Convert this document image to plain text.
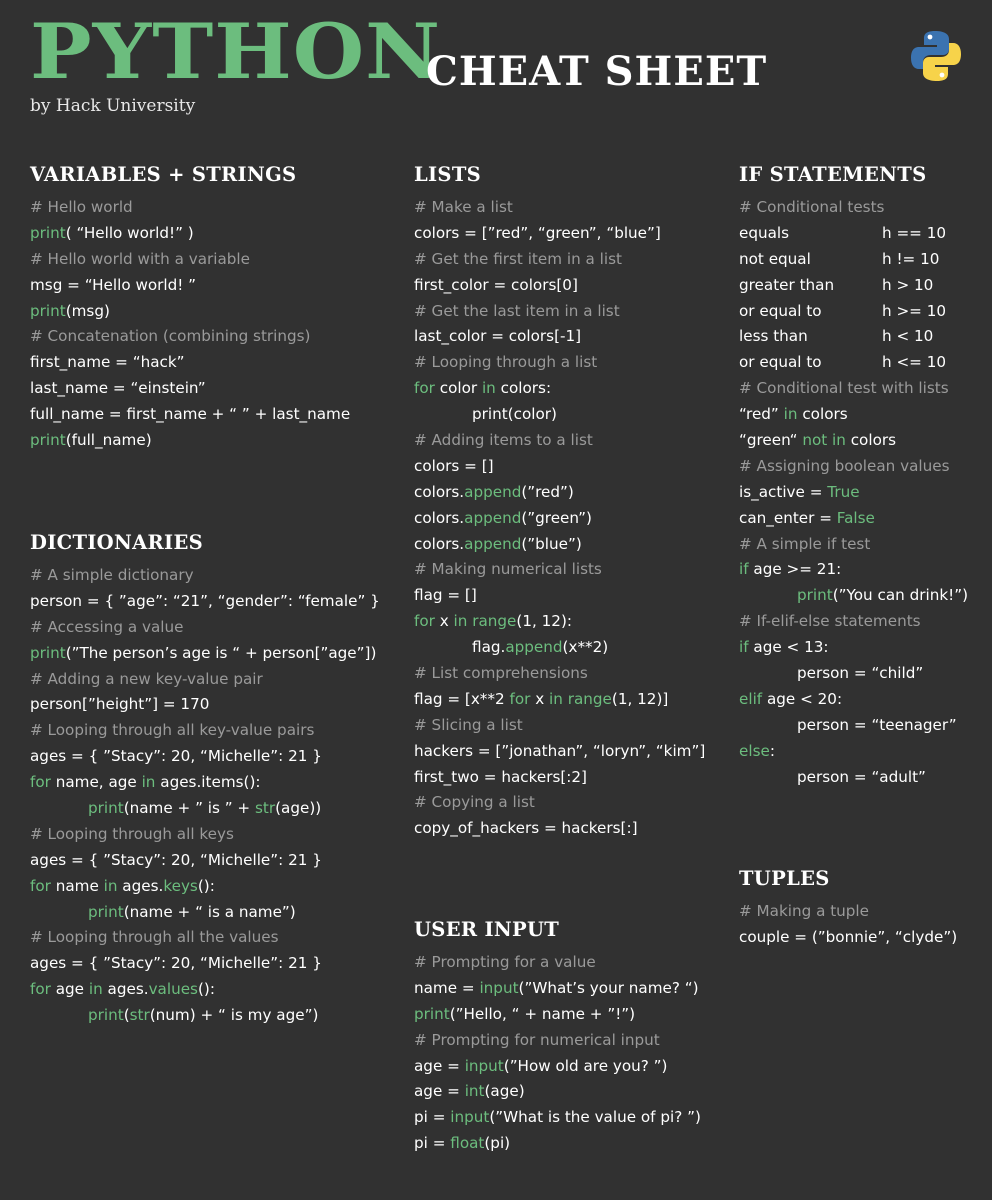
PYTHON
CHEAT SHEET
by Hack University
VARIABLES + STRINGS
# Hello world
print( “Hello world!” )
# Hello world with a variable
msg = “Hello world! ”
print(msg)
# Concatenation (combining strings)
first_name = “hack”
last_name = “einstein”
full_name = first_name + “ ” + last_name
print(full_name)
DICTIONARIES
# A simple dictionary
person = { ”age”: “21”, “gender”: “female” }
# Accessing a value
print(”The person’s age is “ + person[”age”])
# Adding a new key-value pair
person[”height”] = 170
# Looping through all key-value pairs
ages = { ”Stacy”: 20, “Michelle”: 21 }
for name, age in ages.items():
print(name + ” is ” + str(age))
# Looping through all keys
ages = { ”Stacy”: 20, “Michelle”: 21 }
for name in ages.keys():
print(name + “ is a name”)
# Looping through all the values
ages = { ”Stacy”: 20, “Michelle”: 21 }
for age in ages.values():
print(str(num) + “ is my age”)
LISTS
# Make a list
colors = [”red”, “green”, “blue”]
# Get the first item in a list
first_color = colors[0]
# Get the last item in a list
last_color = colors[-1]
# Looping through a list
for color in colors:
print(color)
# Adding items to a list
colors = []
colors.append(”red”)
colors.append(”green”)
colors.append(”blue”)
# Making numerical lists
flag = []
for x in range(1, 12):
flag.append(x**2)
# List comprehensions
flag = [x**2 for x in range(1, 12)]
# Slicing a list
hackers = [”jonathan”, “loryn”, “kim”]
first_two = hackers[:2]
# Copying a list
copy_of_hackers = hackers[:]
USER INPUT
# Prompting for a value
name = input(”What’s your name? “)
print(”Hello, “ + name + ”!”)
# Prompting for numerical input
age = input(”How old are you? ”)
age = int(age)
pi = input(”What is the value of pi? ”)
pi = float(pi)
IF STATEMENTS
# Conditional tests
equals	h == 10
not equal	h != 10
greater than	h > 10
or equal to	h >= 10
less than	h < 10
or equal to	h <= 10
# Conditional test with lists
“red” in colors
“green“ not in colors
# Assigning boolean values
is_active = True
can_enter = False
# A simple if test
if age >= 21:
print(”You can drink!”)
# If-elif-else statements
if age < 13:
person = “child”
elif age < 20:
person = “teenager”
else:
person = “adult”
TUPLES
# Making a tuple
couple = (”bonnie”, “clyde”)
